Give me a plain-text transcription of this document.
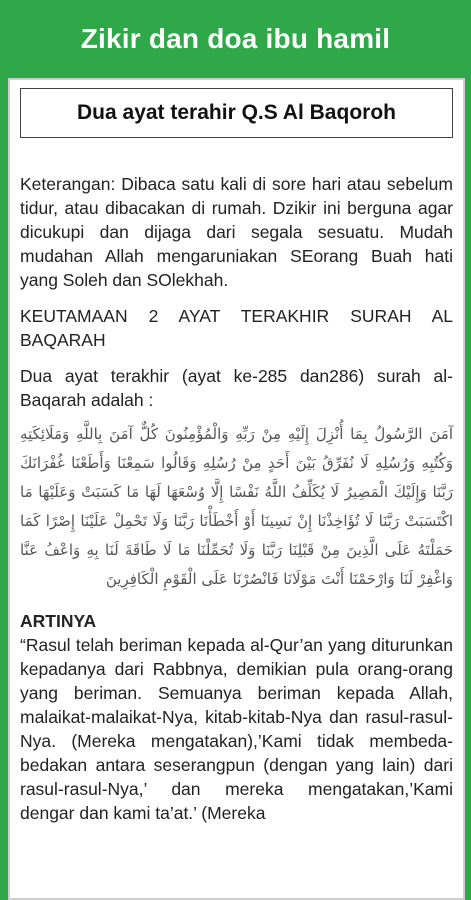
Zikir dan doa ibu hamil
Dua ayat terahir Q.S Al Baqoroh

Keterangan: Dibaca satu kali di sore hari atau sebelum tidur, atau dibacakan di rumah. Dzikir ini berguna agar dicukupi dan dijaga dari segala sesuatu. Mudah mudahan Allah mengaruniakan SEorang Buah hati yang Soleh dan SOlekhah.

KEUTAMAAN 2 AYAT TERAKHIR SURAH AL BAQARAH

Dua ayat terakhir (ayat ke-285 dan286) surah al-Baqarah adalah :

آمَنَ الرَّسُولُ بِمَا أُنْزِلَ إِلَيْهِ مِنْ رَبِّهِ وَالْمُؤْمِنُونَ كُلٌّ آمَنَ بِاللَّهِ وَمَلَائِكَتِهِ وَكُتُبِهِ وَرُسُلِهِ لَا نُفَرِّقُ بَيْنَ أَحَدٍ مِنْ رُسُلِهِ وَقَالُوا سَمِعْنَا وَأَطَعْنَا غُفْرَانَكَ رَبَّنَا وَإِلَيْكَ الْمَصِيرُ لَا يُكَلِّفُ اللَّهُ نَفْسًا إِلَّا وُسْعَهَا لَهَا مَا كَسَبَتْ وَعَلَيْهَا مَا اكْتَسَبَتْ رَبَّنَا لَا تُؤَاخِذْنَا إِنْ نَسِينَا أَوْ أَخْطَأْنَا رَبَّنَا وَلَا تَحْمِلْ عَلَيْنَا إِصْرًا كَمَا حَمَلْتَهُ عَلَى الَّذِينَ مِنْ قَبْلِنَا رَبَّنَا وَلَا تُحَمِّلْنَا مَا لَا طَاقَةَ لَنَا بِهِ وَاعْفُ عَنَّا وَاغْفِرْ لَنَا وَارْحَمْنَا أَنْتَ مَوْلَانَا فَانْصُرْنَا عَلَى الْقَوْمِ الْكَافِرِينَ

ARTINYA

“Rasul telah beriman kepada al-Qur’an yang diturunkan kepadanya dari Rabbnya, demikian pula orang-orang yang beriman. Semuanya beriman kepada Allah, malaikat-malaikat-Nya, kitab-kitab-Nya dan rasul-rasul-Nya. (Mereka mengatakan),’Kami tidak membeda-bedakan antara seserangpun (dengan yang lain) dari rasul-rasul-Nya,’ dan mereka mengatakan,’Kami dengar dan kami ta’at.’ (Mereka
